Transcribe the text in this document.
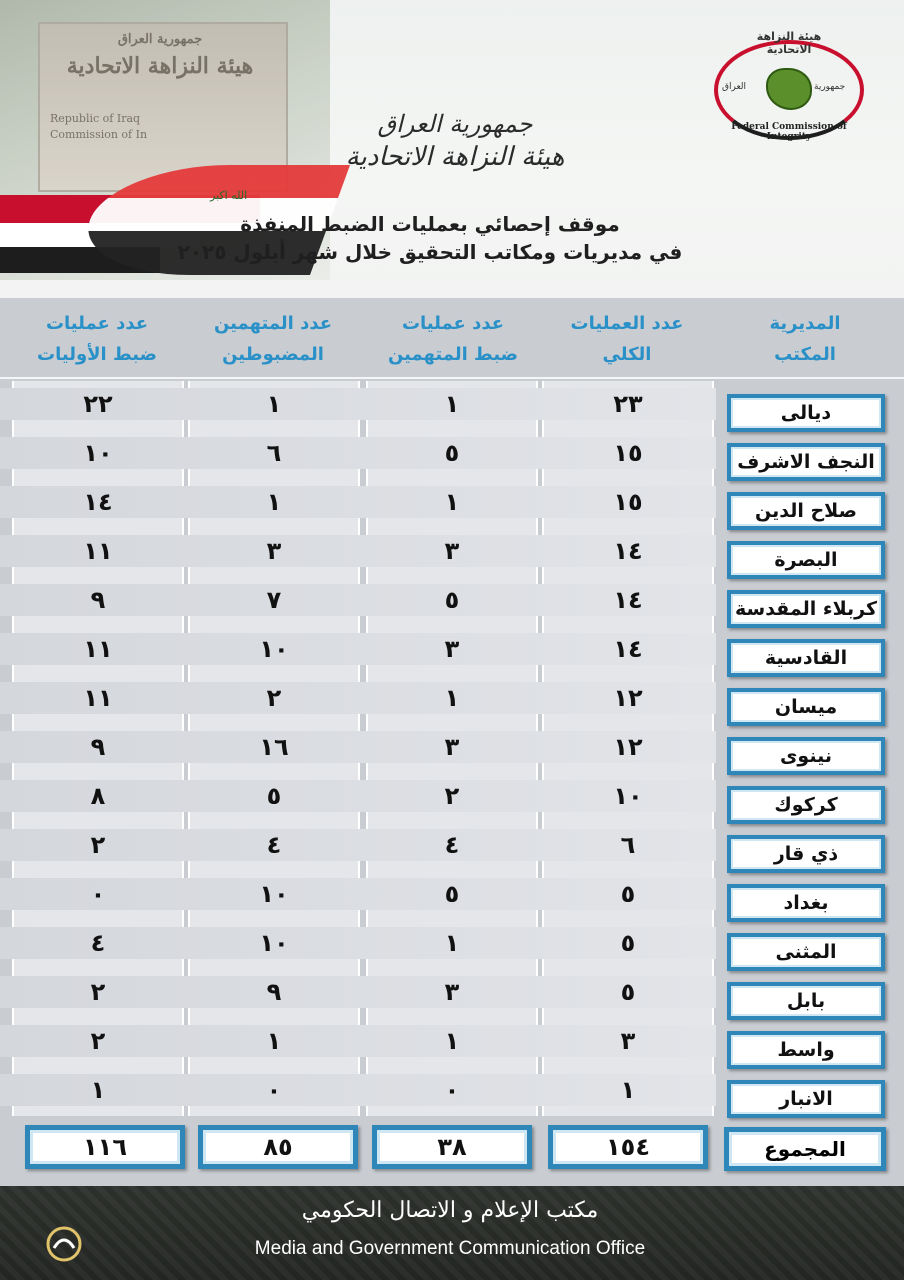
جمهورية العراق
هيئة النزاهة الاتحادية
Republic of Iraq
Commission of In
الله اكبر
هيئة النزاهة الاتحادية
العراق	جمهورية
Federal Commission of Integrity
جمهورية العراق
هيئة النزاهة الاتحادية
موقف إحصائي بعمليات الضبط المنفذة
في مديريات ومكاتب التحقيق خلال شهر أيلول ٢٠٢٥
المديرية
المكتب
عدد العمليات
الكلي
عدد عمليات
ضبط المتهمين
عدد المتهمين
المضبوطين
عدد عمليات
ضبط الأوليات
٢٢	١	١	٢٣	ديالى
١٠	٦	٥	١٥	النجف الاشرف
١٤	١	١	١٥	صلاح الدين
١١	٣	٣	١٤	البصرة
٩	٧	٥	١٤	كربلاء المقدسة
١١	١٠	٣	١٤	القادسية
١١	٢	١	١٢	ميسان
٩	١٦	٣	١٢	نينوى
٨	٥	٢	١٠	كركوك
٢	٤	٤	٦	ذي قار
٠	١٠	٥	٥	بغداد
٤	١٠	١	٥	المثنى
٢	٩	٣	٥	بابل
٢	١	١	٣	واسط
١	٠	٠	١	الانبار
١١٦	٨٥	٣٨	١٥٤	المجموع
مكتب الإعلام و الاتصال الحكومي
Media and Government Communication Office
